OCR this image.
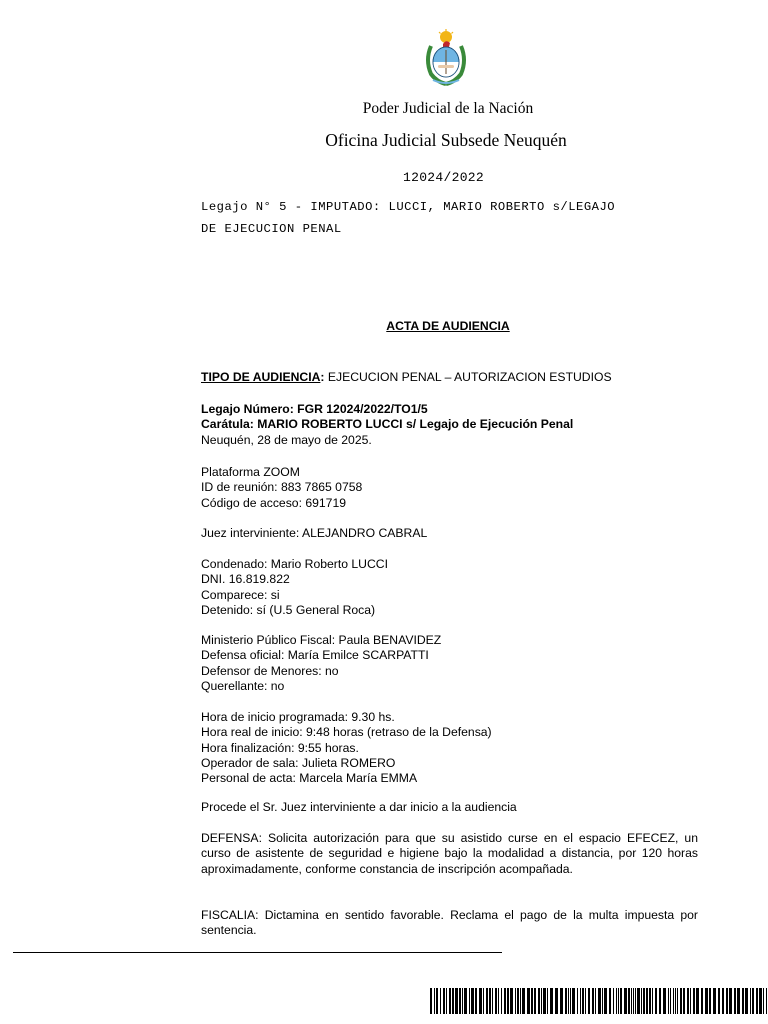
Poder Judicial de la Nación
Oficina Judicial Subsede Neuquén
12024/2022
Legajo N° 5 - IMPUTADO: LUCCI, MARIO ROBERTO s/LEGAJO
DE EJECUCION PENAL
ACTA DE AUDIENCIA

TIPO DE AUDIENCIA: EJECUCION PENAL – AUTORIZACION ESTUDIOS

Legajo Número: FGR 12024/2022/TO1/5

Carátula: MARIO ROBERTO LUCCI s/ Legajo de Ejecución Penal

Neuquén, 28 de mayo de 2025.

Plataforma ZOOM

ID de reunión: 883 7865 0758

Código de acceso: 691719

Juez interviniente: ALEJANDRO CABRAL

Condenado: Mario Roberto LUCCI

DNI. 16.819.822

Comparece: si

Detenido: sí (U.5 General Roca)

Ministerio Público Fiscal: Paula BENAVIDEZ

Defensa oficial: María Emilce SCARPATTI

Defensor de Menores: no

Querellante: no

Hora de inicio programada: 9.30 hs.

Hora real de inicio: 9:48 horas (retraso de la Defensa)

Hora finalización: 9:55 horas.

Operador de sala: Julieta ROMERO

Personal de acta: Marcela María EMMA

Procede el Sr. Juez interviniente a dar inicio a la audiencia

DEFENSA: Solicita autorización para que su asistido curse en el espacio EFECEZ, un curso de asistente de seguridad e higiene bajo la modalidad a distancia, por 120 horas aproximadamente, conforme constancia de inscripción acompañada.

FISCALIA: Dictamina en sentido favorable. Reclama el pago de la multa impuesta por sentencia.
